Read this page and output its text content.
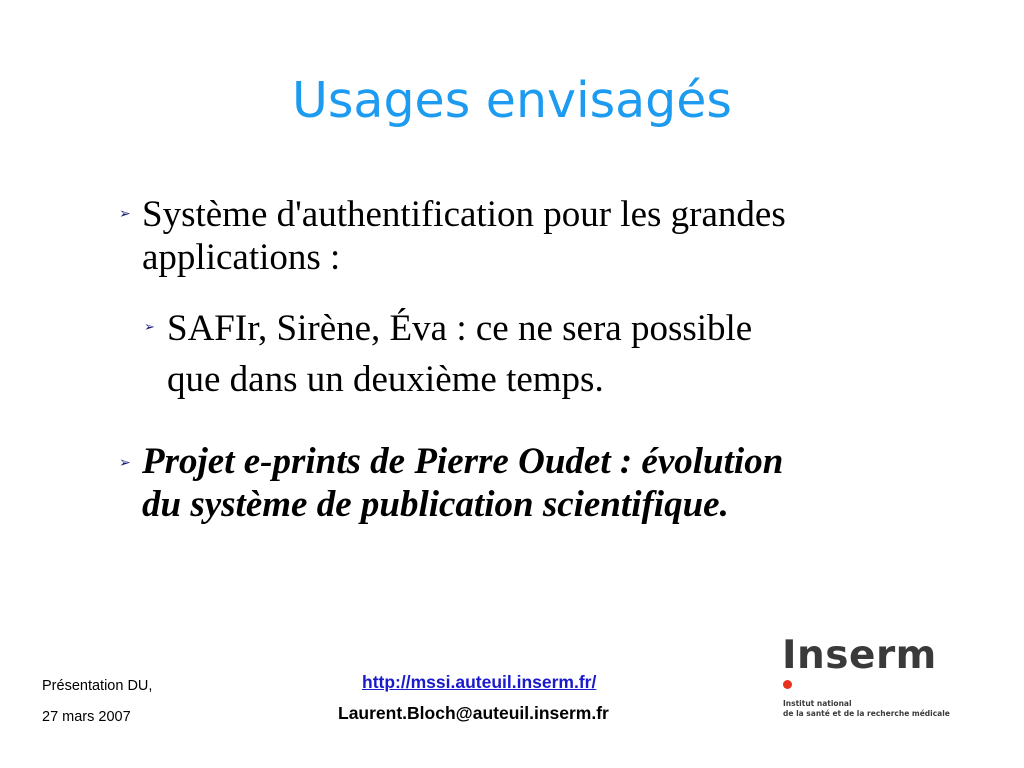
Usages envisagés
➢ Système d'authentification pour les grandes
applications :
➢ SAFIr, Sirène, Éva : ce ne sera possible
que dans un deuxième temps.
➢ Projet e-prints de Pierre Oudet : évolution
du système de publication scientifique.
Présentation DU,
27 mars 2007
http://mssi.auteuil.inserm.fr/
Laurent.Bloch@auteuil.inserm.fr
Inserm
Institut national
de la santé et de la recherche médicale
